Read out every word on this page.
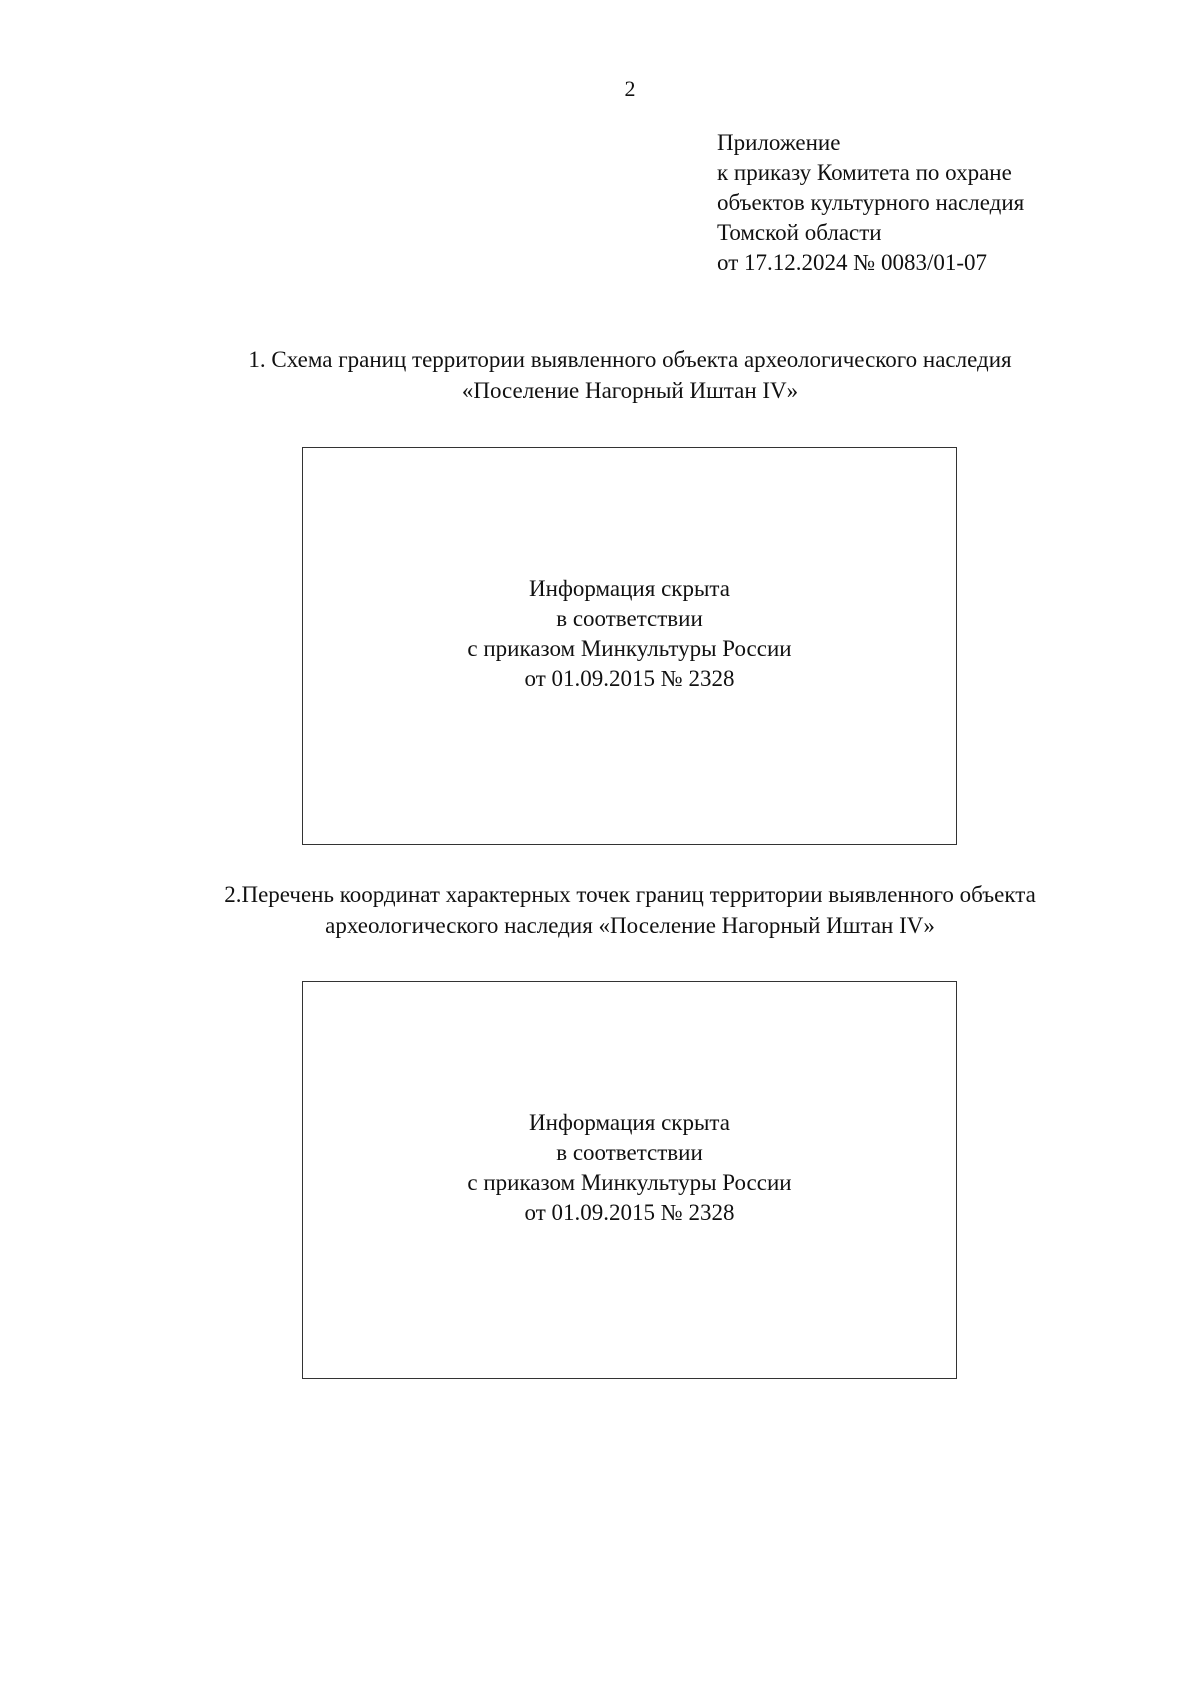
2
Приложение
к приказу Комитета по охране
объектов культурного наследия
Томской области
от 17.12.2024 № 0083/01-07
1. Схема границ территории выявленного объекта археологического наследия
«Поселение Нагорный Иштан IV»
Информация скрыта
в соответствии
с приказом Минкультуры России
от 01.09.2015 № 2328
2.Перечень координат характерных точек границ территории выявленного объекта
археологического наследия «Поселение Нагорный Иштан IV»
Информация скрыта
в соответствии
с приказом Минкультуры России
от 01.09.2015 № 2328
